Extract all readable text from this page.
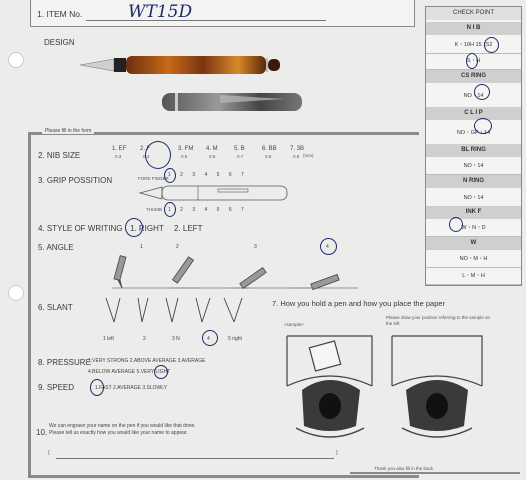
1. ITEM No.	WT15D
DESIGN
CHECK POINT
N I B
K・10H 15 152
S・H
CS RING
NO・14
C L I P
NO・GP・14
BL RING
NO・14
N RING
NO・14
INK F
W・N・D
W
NO・M・H
L・M・H
Please fill in the form
2. NIB SIZE
1. EF
0.3
2. F
0.4
3. FM
0.5
4. M
0.6
5. B
0.7
6. BB
0.8
7. 3B
0.9 (mm)
3. GRIP POSSITION	FORE FINGER
1 2 3 4 5 6 7
THUMB 1 2 3 4 5 6 7
4. STYLE OF WRITING 1. RIGHT 2. LEFT
5. ANGLE	1	2	3	4
6. SLANT
1 left	2	3 N	4	5 right
7. How you hold a pen and how you place the paper
<sample>
Please draw your position referring to the sample on the left.
8. PRESSURE
1.VERY STRONG 2.ABOVE AVERAGE 3.AVERAGE
4.BELOW AVERAGE 5.VERY LIGHT
9. SPEED	1.FAST 2.AVERAGE 3.SLOWLY
10.
We can engrave your name on the pen if you would like that done.
Please tell us exactly how you would like your name to appear.
(	)
Thank you also fill in the back
